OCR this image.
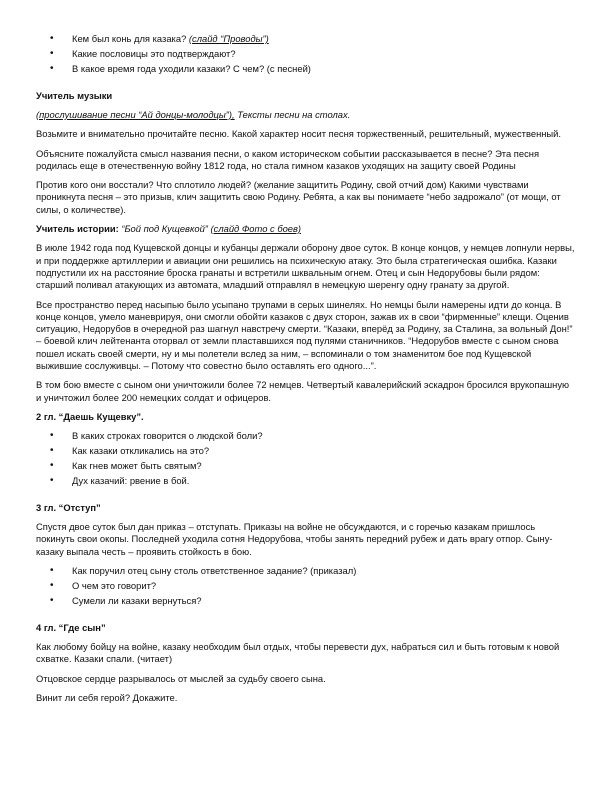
• Кем был конь для казака? (слайд “Проводы”)
• Какие пословицы это подтверждают?
• В какое время года уходили казаки? С чем? (с песней)

Учитель музыки

(прослушивание песни “Ай донцы-молодцы”), Тексты песни на столах.

Возьмите и внимательно прочитайте песню. Какой характер носит песня торжественный, решительный, мужественный.

Объясните пожалуйста смысл названия песни, о каком историческом событии рассказывается в песне? Эта песня родилась еще в отечественную войну 1812 года, но стала гимном казаков уходящих на защиту своей Родины

Против кого они восстали? Что сплотило людей? (желание защитить Родину, свой отчий дом) Какими чувствами проникнута песня – это призыв, клич защитить свою Родину. Ребята, а как вы понимаете “небо задрожало” (от мощи, от силы, о количестве).

Учитель истории: “Бой под Кущевкой” (слайд Фото с боев)

В июле 1942 года под Кущевской донцы и кубанцы держали оборону двое суток. В конце концов, у немцев лопнули нервы, и при поддержке артиллерии и авиации они решились на психическую атаку. Это была стратегическая ошибка. Казаки подпустили их на расстояние броска гранаты и встретили шквальным огнем. Отец и сын Недорубовы были рядом: старший поливал атакующих из автомата, младший отправлял в немецкую шеренгу одну гранату за другой.

Все пространство перед насыпью было усыпано трупами в серых шинелях. Но немцы были намерены идти до конца. В конце концов, умело маневрируя, они смогли обойти казаков с двух сторон, зажав их в свои “фирменные” клещи. Оценив ситуацию, Недорубов в очередной раз шагнул навстречу смерти. “Казаки, вперёд за Родину, за Сталина, за вольный Дон!” – боевой клич лейтенанта оторвал от земли пластавшихся под пулями станичников. “Недорубов вместе с сыном снова пошел искать своей смерти, ну и мы полетели вслед за ним, – вспоминали о том знаменитом бое под Кущевской выжившие сослуживцы. – Потому что совестно было оставлять его одного...”.

В том бою вместе с сыном они уничтожили более 72 немцев. Четвертый кавалерийский эскадрон бросился врукопашную и уничтожил более 200 немецких солдат и офицеров.

2 гл. “Даешь Кущевку”.

• В каких строках говорится о людской боли?
• Как казаки откликались на это?
• Как гнев может быть святым?
• Дух казачий: рвение в бой.

3 гл. “Отступ”

Спустя двое суток был дан приказ – отступать. Приказы на войне не обсуждаются, и с горечью казакам пришлось покинуть свои окопы. Последней уходила сотня Недорубова, чтобы занять передний рубеж и дать врагу отпор. Сыну-казаку выпала честь – проявить стойкость в бою.

• Как поручил отец сыну столь ответственное задание? (приказал)
• О чем это говорит?
• Сумели ли казаки вернуться?

4 гл. “Где сын”

Как любому бойцу на войне, казаку необходим был отдых, чтобы перевести дух, набраться сил и быть готовым к новой схватке. Казаки спали. (читает)

Отцовское сердце разрывалось от мыслей за судьбу своего сына.

Винит ли себя герой? Докажите.
